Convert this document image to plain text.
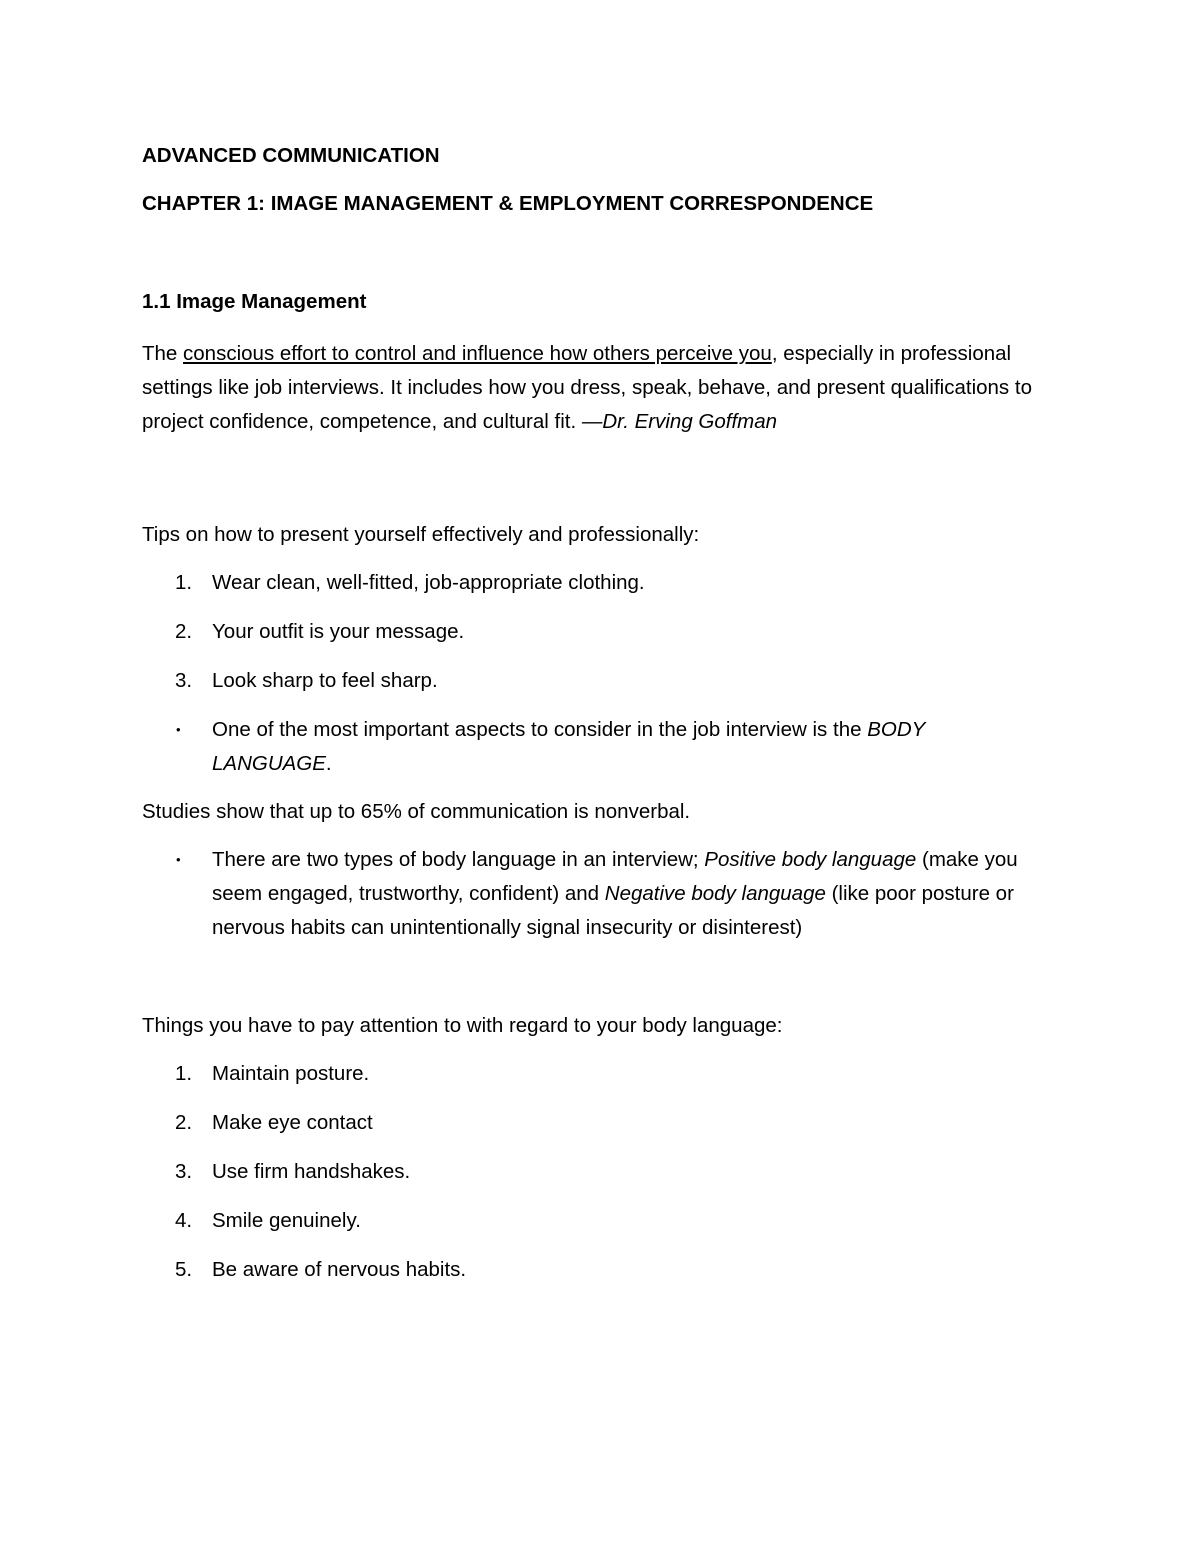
ADVANCED COMMUNICATION

CHAPTER 1: IMAGE MANAGEMENT & EMPLOYMENT CORRESPONDENCE

1.1 Image Management

The conscious effort to control and influence how others perceive you, especially in professional settings like job interviews. It includes how you dress, speak, behave, and present qualifications to project confidence, competence, and cultural fit. —Dr. Erving Goffman

Tips on how to present yourself effectively and professionally:

1. Wear clean, well-fitted, job-appropriate clothing.
2. Your outfit is your message.
3. Look sharp to feel sharp.
• One of the most important aspects to consider in the job interview is the BODY LANGUAGE.

Studies show that up to 65% of communication is nonverbal.

• There are two types of body language in an interview; Positive body language (make you seem engaged, trustworthy, confident) and Negative body language (like poor posture or nervous habits can unintentionally signal insecurity or disinterest)

Things you have to pay attention to with regard to your body language:

1. Maintain posture.
2. Make eye contact
3. Use firm handshakes.
4. Smile genuinely.
5. Be aware of nervous habits.
